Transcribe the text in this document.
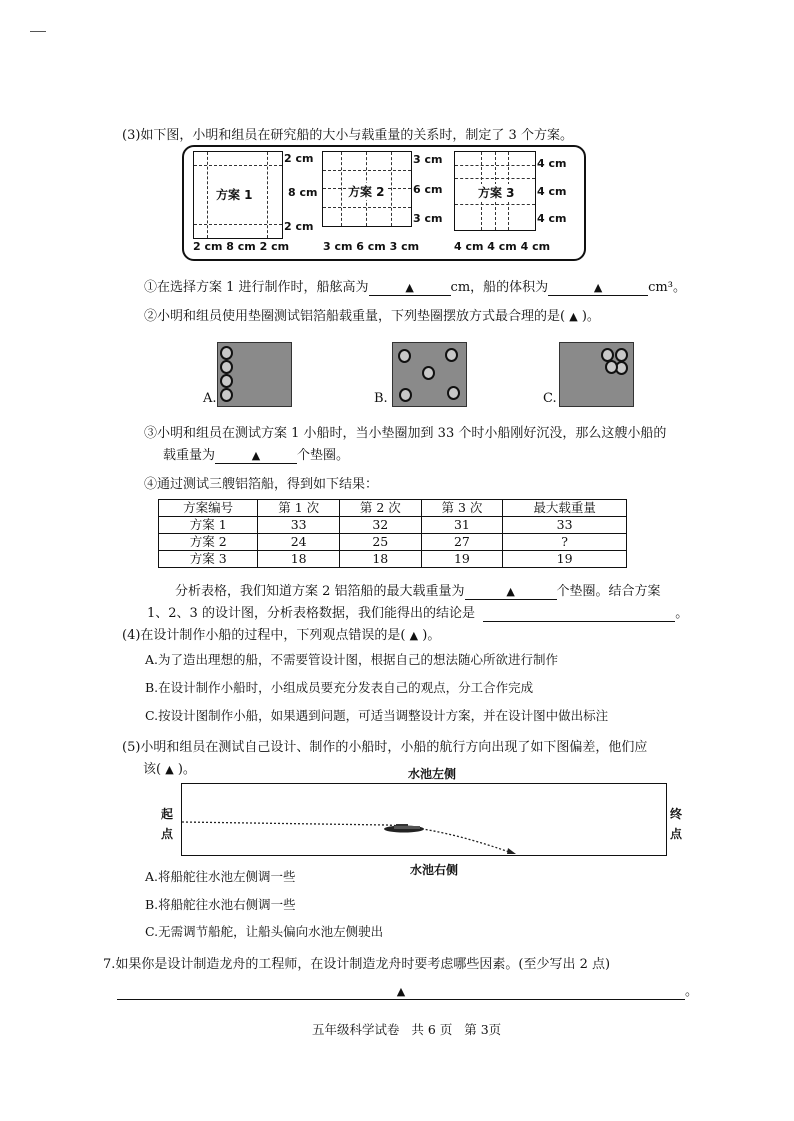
(3)如下图，小明和组员在研究船的大小与载重量的关系时，制定了 3 个方案。
方案 1
2 cm
8 cm
2 cm
2 cm 8 cm 2 cm
方案 2
3 cm
6 cm
3 cm
3 cm 6 cm 3 cm
方案 3
4 cm
4 cm
4 cm
4 cm 4 cm 4 cm
①在选择方案 1 进行制作时，船舷高为	▲	cm，船的体积为	▲	cm³。
②小明和组员使用垫圈测试铝箔船载重量，下列垫圈摆放方式最合理的是( ▲ )。
A.	B.	C.
③小明和组员在测试方案 1 小船时，当小垫圈加到 33 个时小船刚好沉没，那么这艘小船的
载重量为	▲	个垫圈。
④通过测试三艘铝箔船，得到如下结果：
方案编号	第 1 次	第 2 次	第 3 次	最大载重量
方案 1	33	32	31	33
方案 2	24	25	27	?
方案 3	18	18	19	19
分析表格，我们知道方案 2 铝箔船的最大载重量为	▲	个垫圈。结合方案
1、2、3 的设计图，分析表格数据，我们能得出的结论是	。
(4)在设计制作小船的过程中，下列观点错误的是( ▲ )。
A.为了造出理想的船，不需要管设计图，根据自己的想法随心所欲进行制作
B.在设计制作小船时，小组成员要充分发表自己的观点，分工合作完成
C.按设计图制作小船，如果遇到问题，可适当调整设计方案，并在设计图中做出标注
(5)小明和组员在测试自己设计、制作的小船时，小船的航行方向出现了如下图偏差，他们应
该( ▲ )。	水池左侧
起
点
终
点
水池右侧
A.将船舵往水池左侧调一些
B.将船舵往水池右侧调一些
C.无需调节船舵，让船头偏向水池左侧驶出
7.如果你是设计制造龙舟的工程师，在设计制造龙舟时要考虑哪些因素。(至少写出 2 点)
▲	。
五年级科学试卷   共 6 页   第 3页
